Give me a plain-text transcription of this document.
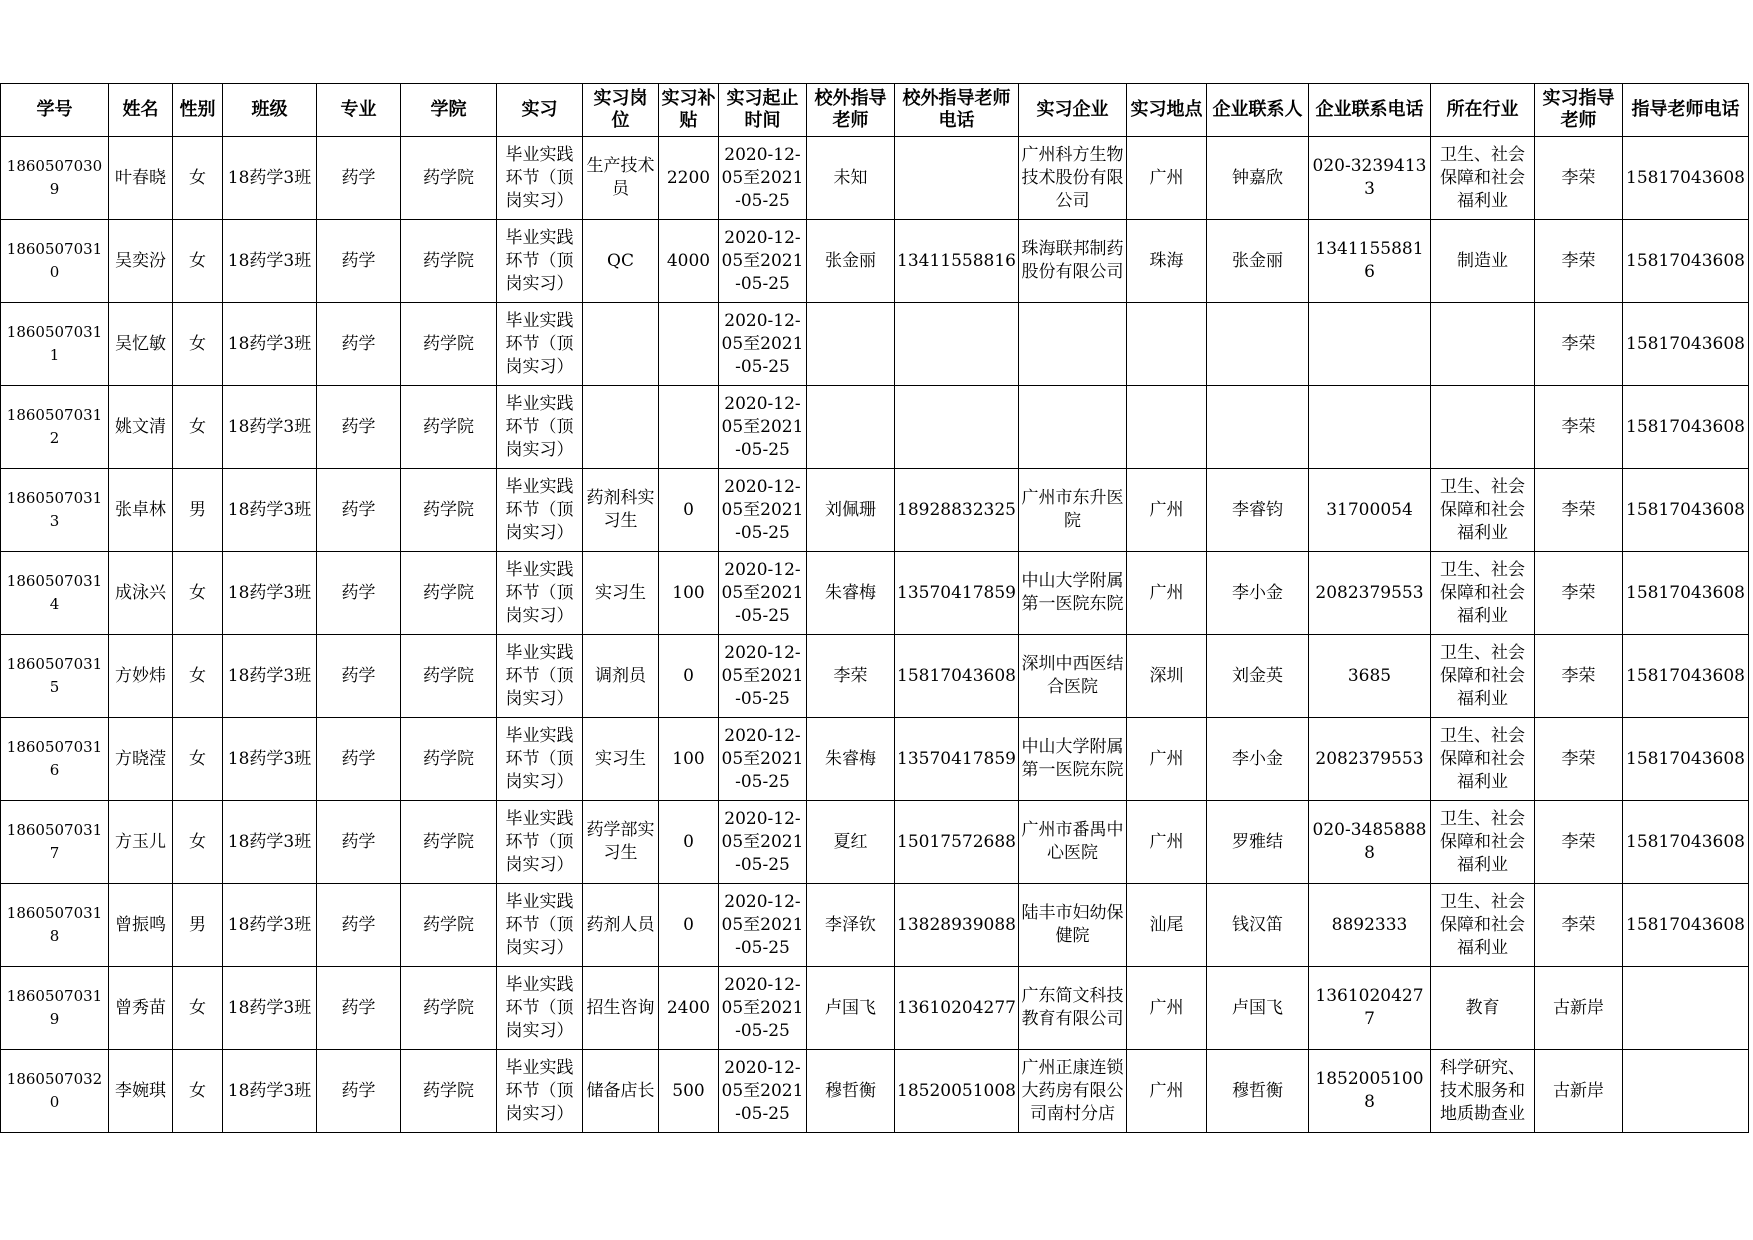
学号	姓名	性别	班级	专业	学院	实习	实习岗位	实习补贴	实习起止时间	校外指导老师	校外指导老师电话	实习企业	实习地点	企业联系人	企业联系电话	所在行业	实习指导老师	指导老师电话

18605070309	叶春晓	女	18药学3班	药学	药学院	毕业实践环节（顶岗实习）	生产技术员	2200	2020-12-05至2021-05-25	未知		广州科方生物技术股份有限公司	广州	钟嘉欣	020-32394133	卫生、社会保障和社会福利业	李荣	15817043608

18605070310	吴奕汾	女	18药学3班	药学	药学院	毕业实践环节（顶岗实习）	QC	4000	2020-12-05至2021-05-25	张金丽	13411558816	珠海联邦制药股份有限公司	珠海	张金丽	13411558816	制造业	李荣	15817043608

18605070311	吴忆敏	女	18药学3班	药学	药学院	毕业实践环节（顶岗实习）			2020-12-05至2021-05-25								李荣	15817043608

18605070312	姚文清	女	18药学3班	药学	药学院	毕业实践环节（顶岗实习）			2020-12-05至2021-05-25								李荣	15817043608

18605070313	张卓林	男	18药学3班	药学	药学院	毕业实践环节（顶岗实习）	药剂科实习生	0	2020-12-05至2021-05-25	刘佩珊	18928832325	广州市东升医院	广州	李睿钧	31700054	卫生、社会保障和社会福利业	李荣	15817043608

18605070314	成泳兴	女	18药学3班	药学	药学院	毕业实践环节（顶岗实习）	实习生	100	2020-12-05至2021-05-25	朱睿梅	13570417859	中山大学附属第一医院东院	广州	李小金	2082379553	卫生、社会保障和社会福利业	李荣	15817043608

18605070315	方妙炜	女	18药学3班	药学	药学院	毕业实践环节（顶岗实习）	调剂员	0	2020-12-05至2021-05-25	李荣	15817043608	深圳中西医结合医院	深圳	刘金英	3685	卫生、社会保障和社会福利业	李荣	15817043608

18605070316	方晓滢	女	18药学3班	药学	药学院	毕业实践环节（顶岗实习）	实习生	100	2020-12-05至2021-05-25	朱睿梅	13570417859	中山大学附属第一医院东院	广州	李小金	2082379553	卫生、社会保障和社会福利业	李荣	15817043608

18605070317	方玉儿	女	18药学3班	药学	药学院	毕业实践环节（顶岗实习）	药学部实习生	0	2020-12-05至2021-05-25	夏红	15017572688	广州市番禺中心医院	广州	罗雅结	020-34858888	卫生、社会保障和社会福利业	李荣	15817043608

18605070318	曾振鸣	男	18药学3班	药学	药学院	毕业实践环节（顶岗实习）	药剂人员	0	2020-12-05至2021-05-25	李泽钦	13828939088	陆丰市妇幼保健院	汕尾	钱汉笛	8892333	卫生、社会保障和社会福利业	李荣	15817043608

18605070319	曾秀苗	女	18药学3班	药学	药学院	毕业实践环节（顶岗实习）	招生咨询	2400	2020-12-05至2021-05-25	卢国飞	13610204277	广东简文科技教育有限公司	广州	卢国飞	13610204277	教育	古新岸	

18605070320	李婉琪	女	18药学3班	药学	药学院	毕业实践环节（顶岗实习）	储备店长	500	2020-12-05至2021-05-25	穆哲衡	18520051008	广州正康连锁大药房有限公司南村分店	广州	穆哲衡	18520051008	科学研究、技术服务和地质勘查业	古新岸	
